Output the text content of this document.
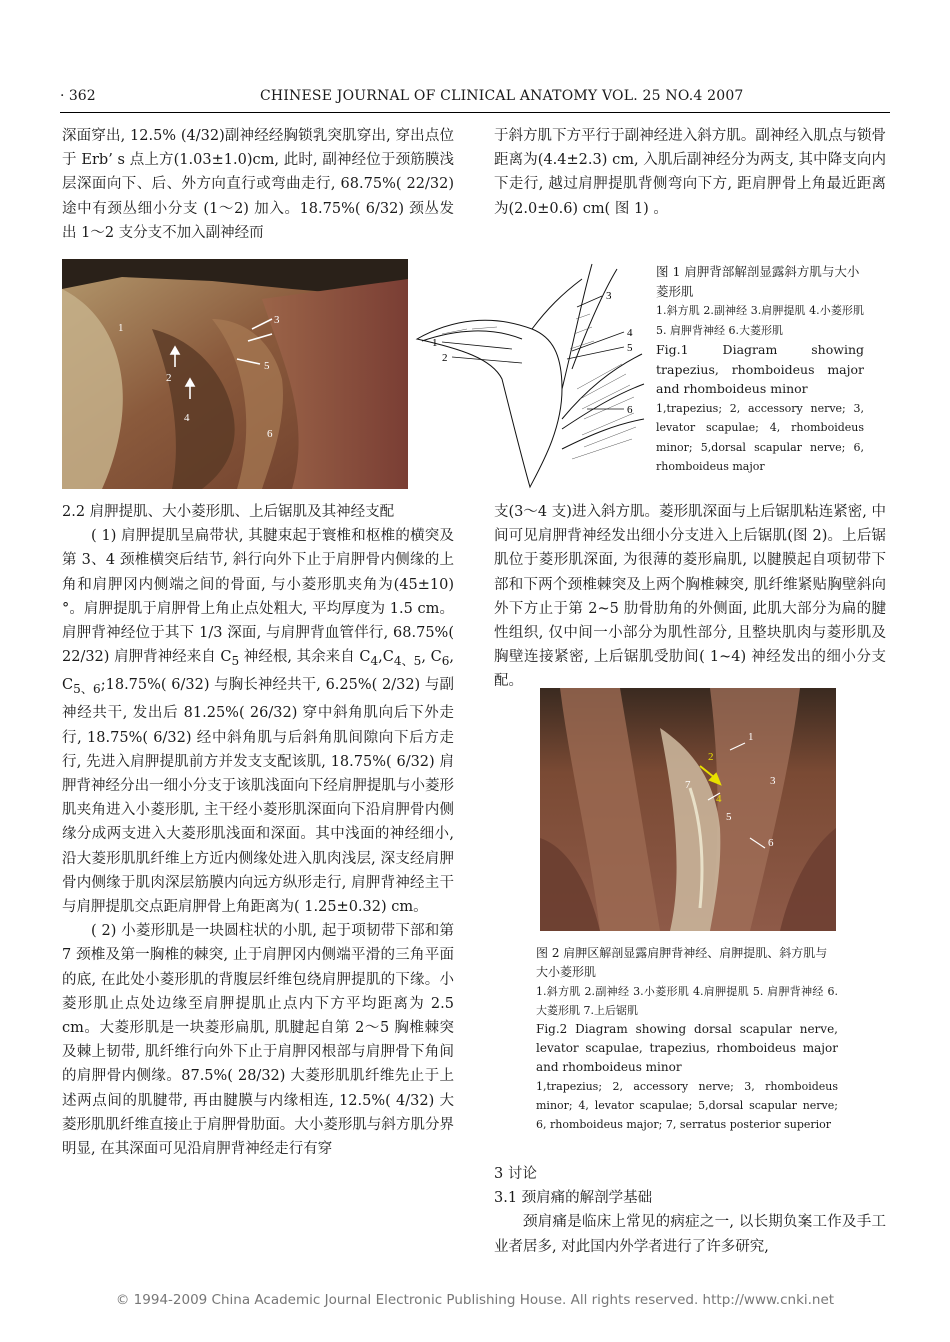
· 362	CHINESE JOURNAL OF CLINICAL ANATOMY VOL. 25 NO.4 2007

深面穿出, 12.5% (4/32)副神经经胸锁乳突肌穿出, 穿出点位于 Erb’ s 点上方(1.03±1.0)cm, 此时, 副神经位于颈筋膜浅层深面向下、后、外方向直行或弯曲走行, 68.75%( 22/32) 途中有颈丛细小分支 (1～2) 加入。18.75%( 6/32) 颈丛发出 1～2 支分支不加入副神经而

于斜方肌下方平行于副神经进入斜方肌。副神经入肌点与锁骨距离为(4.4±2.3) cm, 入肌后副神经分为两支, 其中降支向内下走行, 越过肩胛提肌背侧弯向下方, 距肩胛骨上角最近距离为(2.0±0.6) cm( 图 1) 。

1
2
3
4
5
6
1
2
3
4
5
6
图 1 肩胛背部解剖显露斜方肌与大小菱形肌
1.斜方肌 2.副神经 3.肩胛提肌 4.小菱形肌 5. 肩胛背神经 6.大菱形肌
Fig.1 Diagram showing trapezius, rhomboideus major and rhomboideus minor
1,trapezius; 2, accessory nerve; 3, levator scapulae; 4, rhomboideus minor; 5,dorsal scapular nerve; 6, rhomboideus major

2.2 肩胛提肌、大小菱形肌、上后锯肌及其神经支配

( 1) 肩胛提肌呈扁带状, 其腱束起于寰椎和枢椎的横突及第 3、4 颈椎横突后结节, 斜行向外下止于肩胛骨内侧缘的上角和肩胛冈内侧端之间的骨面, 与小菱形肌夹角为(45±10)°。肩胛提肌于肩胛骨上角止点处粗大, 平均厚度为 1.5 cm。肩胛背神经位于其下 1/3 深面, 与肩胛背血管伴行, 68.75%( 22/32) 肩胛背神经来自 $C_5$ 神经根, 其余来自 $C_4,C_{4、5}$, $C_6$, $C_{5、6};18.75\%$( 6/32) 与胸长神经共干, 6.25%( 2/32) 与副神经共干, 发出后 81.25%( 26/32) 穿中斜角肌向后下外走行, 18.75%( 6/32) 经中斜角肌与后斜角肌间隙向下后方走行, 先进入肩胛提肌前方并发支支配该肌, 18.75%( 6/32) 肩胛背神经分出一细小分支于该肌浅面向下经肩胛提肌与小菱形肌夹角进入小菱形肌, 主干经小菱形肌深面向下沿肩胛骨内侧缘分成两支进入大菱形肌浅面和深面。其中浅面的神经细小, 沿大菱形肌肌纤维上方近内侧缘处进入肌肉浅层, 深支经肩胛骨内侧缘于肌肉深层筋膜内向远方纵形走行, 肩胛背神经主干与肩胛提肌交点距肩胛骨上角距离为( 1.25±0.32) cm。

( 2) 小菱形肌是一块圆柱状的小肌, 起于项韧带下部和第 7 颈椎及第一胸椎的棘突, 止于肩胛冈内侧端平滑的三角平面的底, 在此处小菱形肌的背腹层纤维包绕肩胛提肌的下缘。小菱形肌止点处边缘至肩胛提肌止点内下方平均距离为 2.5 cm。大菱形肌是一块菱形扁肌, 肌腱起自第 2～5 胸椎棘突及棘上韧带, 肌纤维行向外下止于肩胛冈根部与肩胛骨下角间的肩胛骨内侧缘。87.5%( 28/32) 大菱形肌肌纤维先止于上述两点间的肌腱带, 再由腱膜与内缘相连, 12.5%( 4/32) 大菱形肌肌纤维直接止于肩胛骨肋面。大小菱形肌与斜方肌分界明显, 在其深面可见沿肩胛背神经走行有穿

支(3～4 支)进入斜方肌。菱形肌深面与上后锯肌粘连紧密, 中间可见肩胛背神经发出细小分支进入上后锯肌(图 2)。上后锯肌位于菱形肌深面, 为很薄的菱形扁肌, 以腱膜起自项韧带下部和下两个颈椎棘突及上两个胸椎棘突, 肌纤维紧贴胸壁斜向外下方止于第 2~5 肋骨肋角的外侧面, 此肌大部分为扁的腱性组织, 仅中间一小部分为肌性部分, 且整块肌肉与菱形肌及胸壁连接紧密, 上后锯肌受肋间( 1~4) 神经发出的细小分支配。

1
2
3
4
5
6
7
图 2 肩胛区解剖显露肩胛背神经、肩胛提肌、斜方肌与大小菱形肌
1.斜方肌 2.副神经 3.小菱形肌 4.肩胛提肌 5. 肩胛背神经 6.大菱形肌 7.上后锯肌
Fig.2 Diagram showing dorsal scapular nerve, levator scapulae, trapezius, rhomboideus major and rhomboideus minor
1,trapezius; 2, accessory nerve; 3, rhomboideus minor; 4, levator scapulae; 5,dorsal scapular nerve; 6, rhomboideus major; 7, serratus posterior superior

3 讨论

3.1 颈肩痛的解剖学基础

颈肩痛是临床上常见的病症之一, 以长期负案工作及手工业者居多, 对此国内外学者进行了许多研究,

© 1994-2009 China Academic Journal Electronic Publishing House. All rights reserved. http://www.cnki.net
